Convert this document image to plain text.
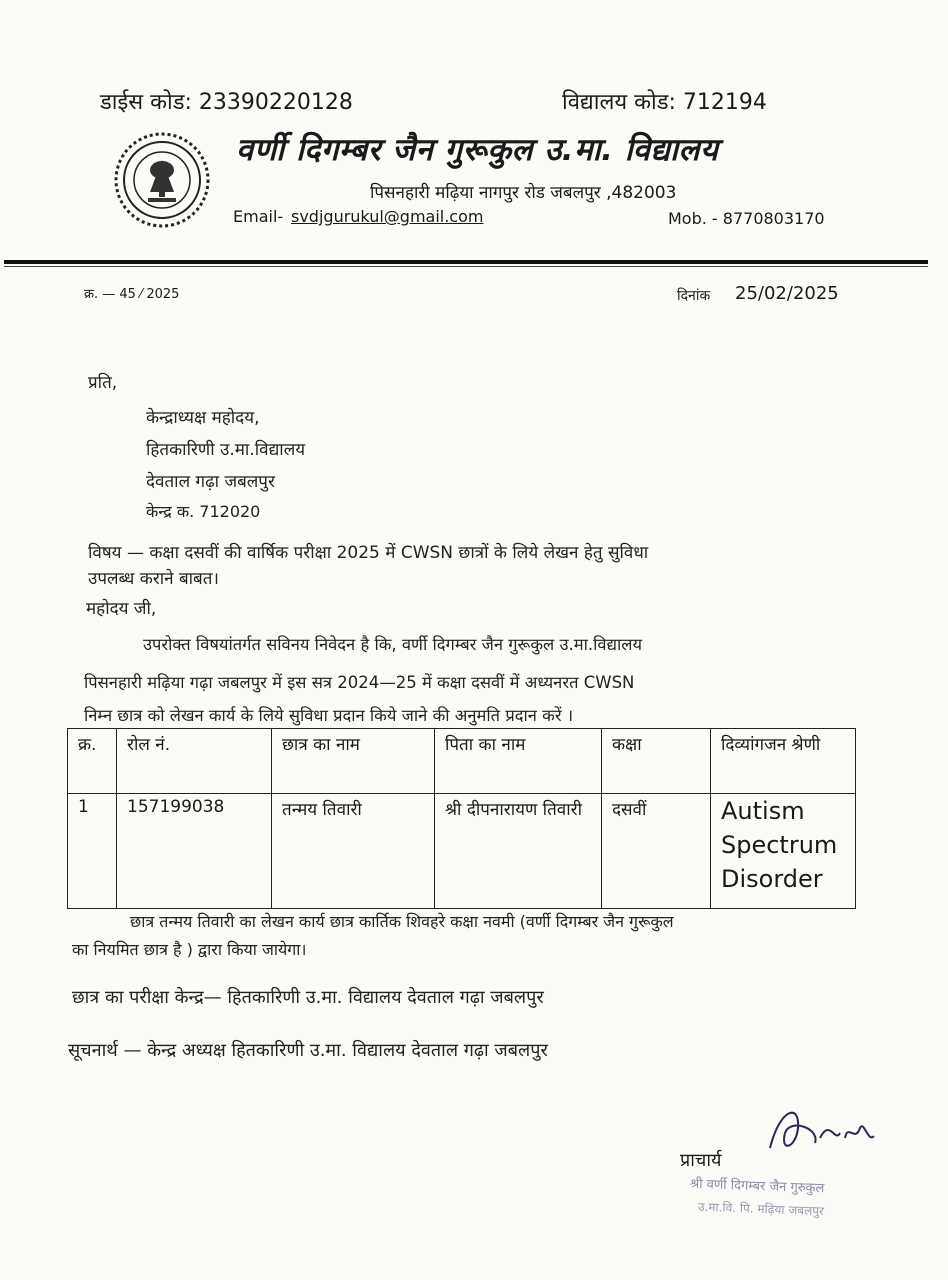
डाईस कोड: 23390220128	विद्यालय कोड: 712194
वर्णी दिगम्बर जैन गुरूकुल उ.मा. विद्यालय
पिसनहारी मढ़िया नागपुर रोड जबलपुर ,482003
Email- svdjgurukul@gmail.com	Mob. - 8770803170
क्र. — 45 ⁄ 2025	दिनांक 25/02/2025
प्रति,
केन्द्राध्यक्ष महोदय,
हितकारिणी उ.मा.विद्यालय
देवताल गढ़ा जबलपुर
केन्द्र क. 712020
विषय — कक्षा दसवीं की वार्षिक परीक्षा 2025 में CWSN छात्रों के लिये लेखन हेतु सुविधा
उपलब्ध कराने बाबत।
महोदय जी,
उपरोक्त विषयांतर्गत सविनय निवेदन है कि, वर्णी दिगम्बर जैन गुरूकुल उ.मा.विद्यालय
पिसनहारी मढ़िया गढ़ा जबलपुर में इस सत्र 2024—25 में कक्षा दसवीं में अध्यनरत CWSN
निम्न छात्र को लेखन कार्य के लिये सुविधा प्रदान किये जाने की अनुमति प्रदान करें ।
क्र.	रोल नं.	छात्र का नाम	पिता का नाम	कक्षा	दिव्यांगजन श्रेणी
1	157199038	तन्मय तिवारी	श्री दीपनारायण तिवारी	दसवीं	Autism Spectrum Disorder
छात्र तन्मय तिवारी का लेखन कार्य छात्र कार्तिक शिवहरे कक्षा नवमी (वर्णी दिगम्बर जैन गुरूकुल
का नियमित छात्र है ) द्वारा किया जायेगा।
छात्र का परीक्षा केन्द्र— हितकारिणी उ.मा. विद्यालय देवताल गढ़ा जबलपुर
सूचनार्थ — केन्द्र अध्यक्ष हितकारिणी उ.मा. विद्यालय देवताल गढ़ा जबलपुर
प्राचार्य
श्री वर्णी दिगम्बर जैन गुरुकुल
उ.मा.वि. पि. मढ़िया जबलपुर
